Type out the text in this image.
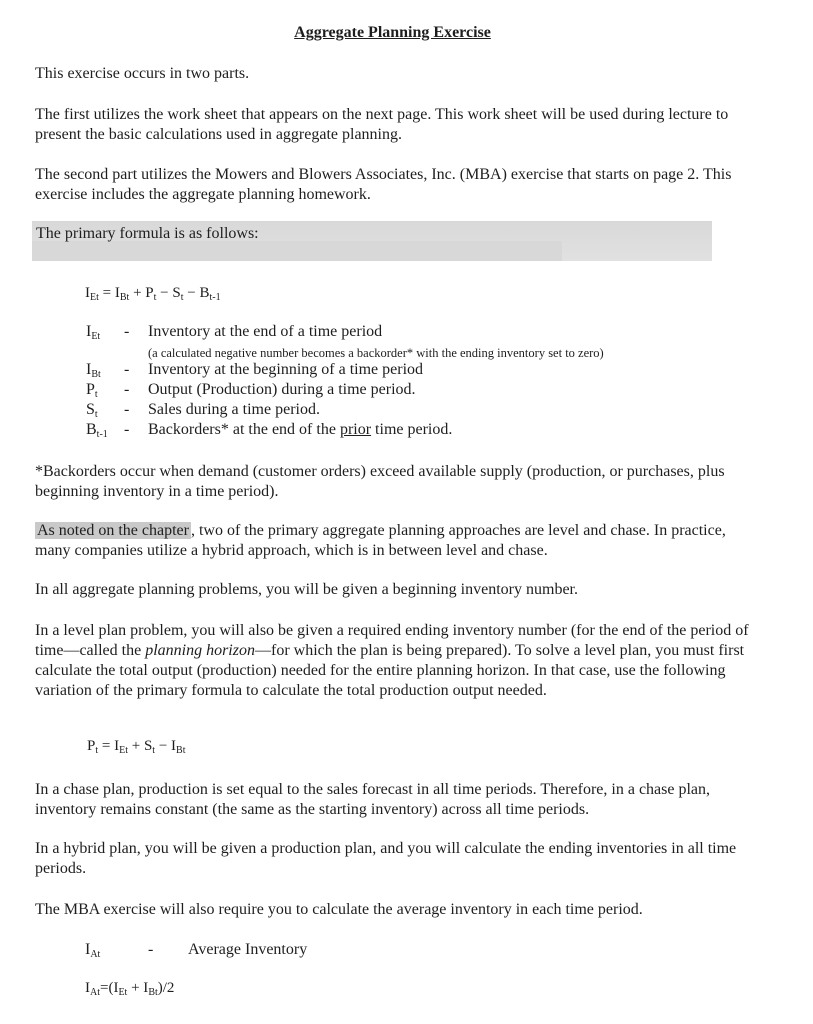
Aggregate Planning Exercise
This exercise occurs in two parts.
The first utilizes the work sheet that appears on the next page. This work sheet will be used during lecture to present the basic calculations used in aggregate planning.
The second part utilizes the Mowers and Blowers Associates, Inc. (MBA) exercise that starts on page 2. This exercise includes the aggregate planning homework.
The primary formula is as follows:
$I_{Et} = I_{Bt} + P_t - S_t - B_{t-1}$
$I_{Et}$ - Inventory at the end of a time period
(a calculated negative number becomes a backorder* with the ending inventory set to zero)
$I_{Bt}$ - Inventory at the beginning of a time period
$P_t$ - Output (Production) during a time period.
$S_t$ - Sales during a time period.
$B_{t-1}$ - Backorders* at the end of the prior time period.
*Backorders occur when demand (customer orders) exceed available supply (production, or purchases, plus beginning inventory in a time period).
As noted on the chapter , two of the primary aggregate planning approaches are level and chase. In practice, many companies utilize a hybrid approach, which is in between level and chase.
In all aggregate planning problems, you will be given a beginning inventory number.
In a level plan problem, you will also be given a required ending inventory number (for the end of the period of time—called the planning horizon—for which the plan is being prepared). To solve a level plan, you must first calculate the total output (production) needed for the entire planning horizon. In that case, use the following variation of the primary formula to calculate the total production output needed.
$P_t = I_{Et} + S_t - I_{Bt}$
In a chase plan, production is set equal to the sales forecast in all time periods. Therefore, in a chase plan, inventory remains constant (the same as the starting inventory) across all time periods.
In a hybrid plan, you will be given a production plan, and you will calculate the ending inventories in all time periods.
The MBA exercise will also require you to calculate the average inventory in each time period.
$I_{At}$	- Average Inventory
$I_{At}=(I_{Et} + I_{Bt})/2$
